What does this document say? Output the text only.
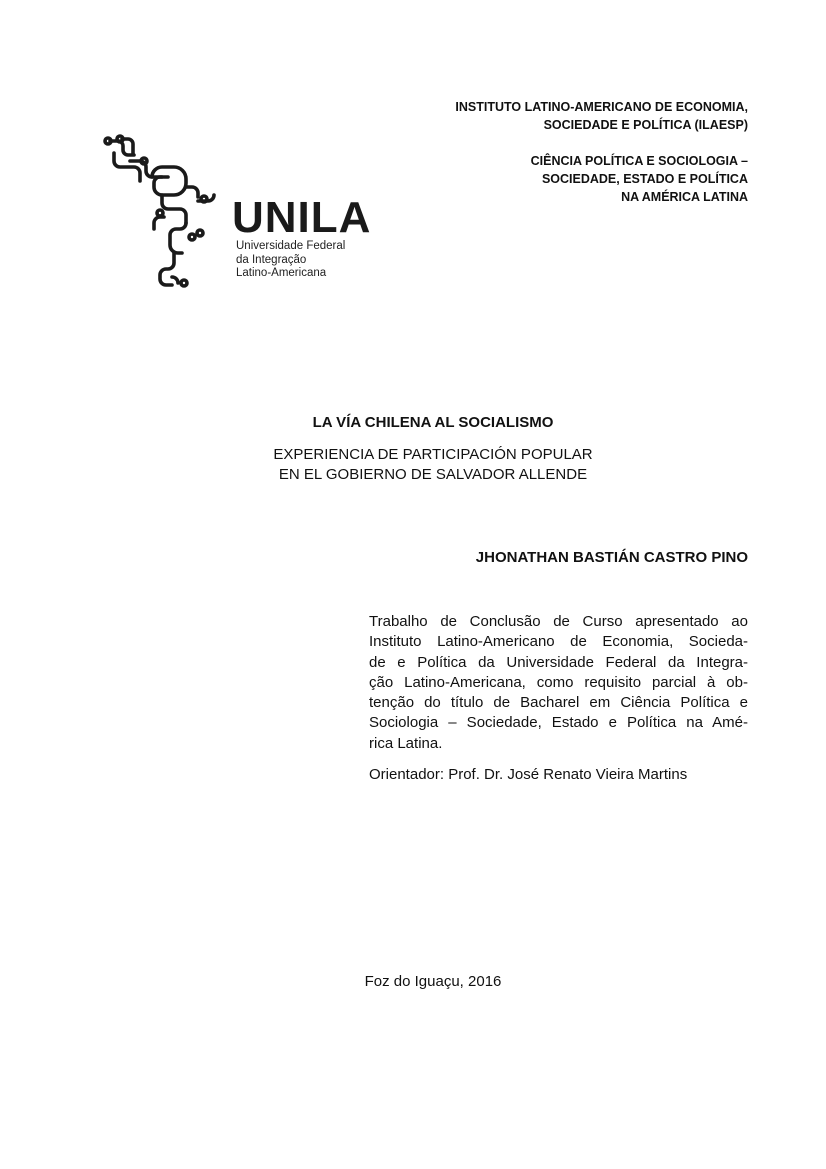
INSTITUTO LATINO-AMERICANO DE ECONOMIA,
SOCIEDADE E POLÍTICA (ILAESP)
CIÊNCIA POLÍTICA E SOCIOLOGIA –
SOCIEDADE, ESTADO E POLÍTICA
NA AMÉRICA LATINA
UNILA
Universidade Federal
da Integração
Latino-Americana
LA VÍA CHILENA AL SOCIALISMO
EXPERIENCIA DE PARTICIPACIÓN POPULAR
EN EL GOBIERNO DE SALVADOR ALLENDE
JHONATHAN BASTIÁN CASTRO PINO
Trabalho de Conclusão de Curso apresentado ao
Instituto Latino-Americano de Economia, Socieda-
de e Política da Universidade Federal da Integra-
ção Latino-Americana, como requisito parcial à ob-
tenção do título de Bacharel em Ciência Política e
Sociologia – Sociedade, Estado e Política na Amé-
rica Latina.
Orientador: Prof. Dr. José Renato Vieira Martins
Foz do Iguaçu, 2016
